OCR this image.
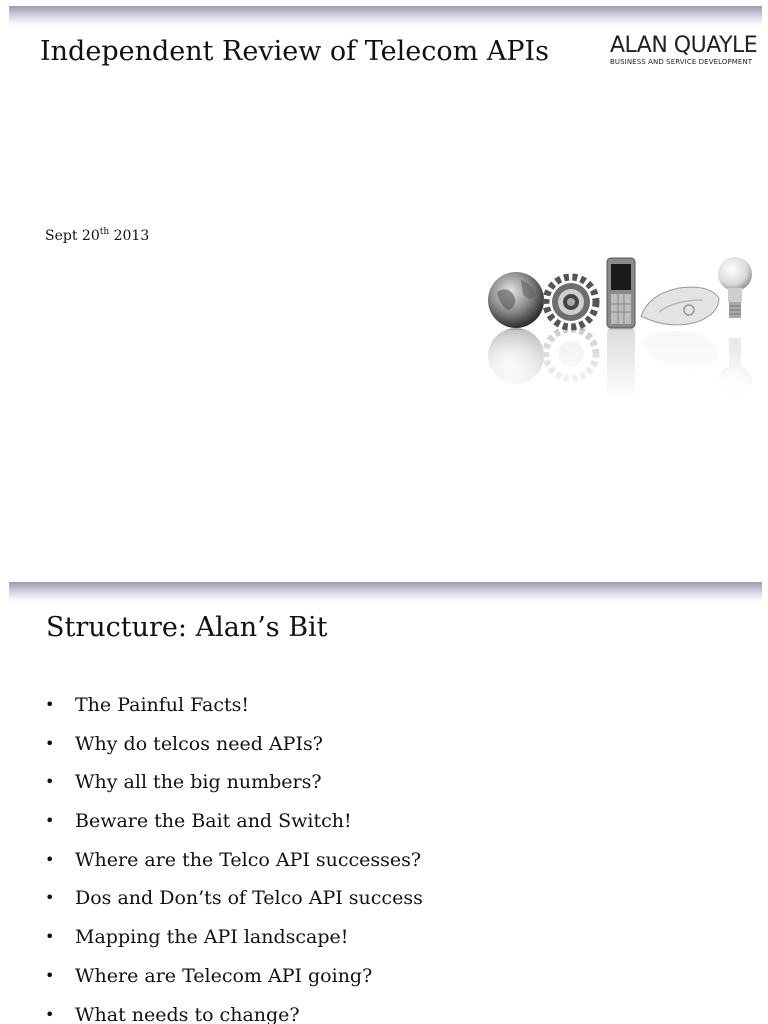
Independent Review of Telecom APIs	ALAN QUAYLE
BUSINESS AND SERVICE DEVELOPMENT
Sept 20th 2013
Structure: Alan’s Bit
•	The Painful Facts!
•	Why do telcos need APIs?
•	Why all the big numbers?
•	Beware the Bait and Switch!
•	Where are the Telco API successes?
•	Dos and Don’ts of Telco API success
•	Mapping the API landscape!
•	Where are Telecom API going?
•	What needs to change?
